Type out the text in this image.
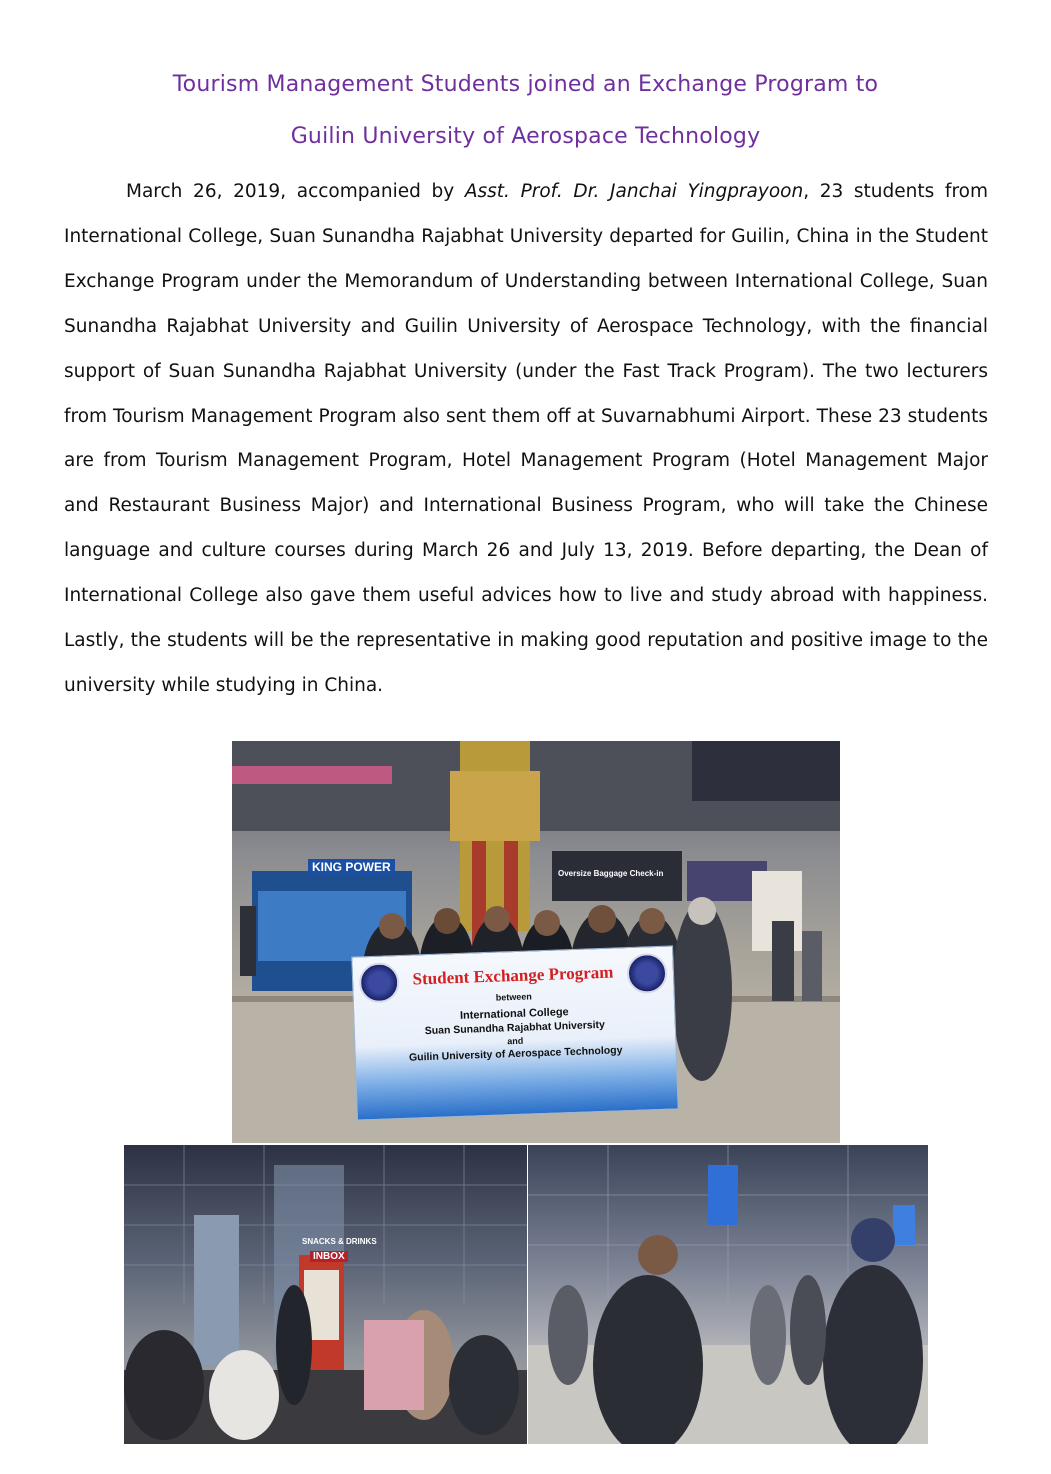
Tourism Management Students joined an Exchange Program to
Guilin University of Aerospace Technology

March 26, 2019, accompanied by Asst. Prof. Dr. Janchai Yingprayoon, 23 students from International College, Suan Sunandha Rajabhat University departed for Guilin, China in the Student Exchange Program under the Memorandum of Understanding between International College, Suan Sunandha Rajabhat University and Guilin University of Aerospace Technology, with the financial support of Suan Sunandha Rajabhat University (under the Fast Track Program). The two lecturers from Tourism Management Program also sent them off at Suvarnabhumi Airport. These 23 students are from Tourism Management Program, Hotel Management Program (Hotel Management Major and Restaurant Business Major) and International Business Program, who will take the Chinese language and culture courses during March 26 and July 13, 2019. Before departing, the Dean of International College also gave them useful advices how to live and study abroad with happiness. Lastly, the students will be the representative in making good reputation and positive image to the university while studying in China.

KING POWER	Oversize Baggage Check-in
Student Exchange Program
between
International College
Suan Sunandha Rajabhat University
and
Guilin University of Aerospace Technology
SNACKS & DRINKS
INBOX
